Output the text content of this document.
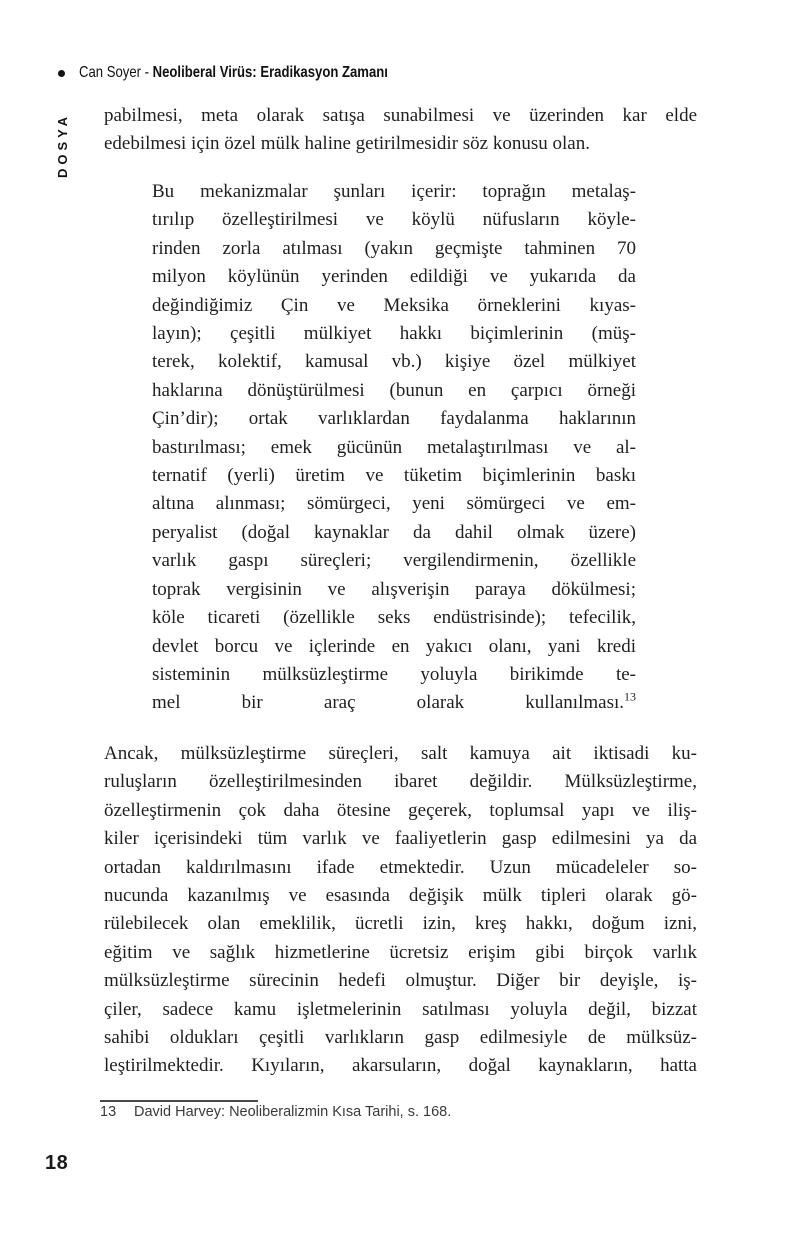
Can Soyer - Neoliberal Virüs: Eradikasyon Zamanı
DOSYA pabilmesi, meta olarak satışa sunabilmesi ve üzerinden kar elde
edebilmesi için özel mülk haline getirilmesidir söz konusu olan.
Bu mekanizmalar şunları içerir: toprağın metalaş-
tırılıp özelleştirilmesi ve köylü nüfusların köyle-
rinden zorla atılması (yakın geçmişte tahminen 70
milyon köylünün yerinden edildiği ve yukarıda da
değindiğimiz Çin ve Meksika örneklerini kıyas-
layın); çeşitli mülkiyet hakkı biçimlerinin (müş-
terek, kolektif, kamusal vb.) kişiye özel mülkiyet
haklarına dönüştürülmesi (bunun en çarpıcı örneği
Çin’dir); ortak varlıklardan faydalanma haklarının
bastırılması; emek gücünün metalaştırılması ve al-
ternatif (yerli) üretim ve tüketim biçimlerinin baskı
altına alınması; sömürgeci, yeni sömürgeci ve em-
peryalist (doğal kaynaklar da dahil olmak üzere)
varlık gaspı süreçleri; vergilendirmenin, özellikle
toprak vergisinin ve alışverişin paraya dökülmesi;
köle ticareti (özellikle seks endüstrisinde); tefecilik,
devlet borcu ve içlerinde en yakıcı olanı, yani kredi
sisteminin mülksüzleştirme yoluyla birikimde te-
mel bir araç olarak kullanılması.$^{13}$
Ancak, mülksüzleştirme süreçleri, salt kamuya ait iktisadi ku-
ruluşların özelleştirilmesinden ibaret değildir. Mülksüzleştirme,
özelleştirmenin çok daha ötesine geçerek, toplumsal yapı ve iliş-
kiler içerisindeki tüm varlık ve faaliyetlerin gasp edilmesini ya da
ortadan kaldırılmasını ifade etmektedir. Uzun mücadeleler so-
nucunda kazanılmış ve esasında değişik mülk tipleri olarak gö-
rülebilecek olan emeklilik, ücretli izin, kreş hakkı, doğum izni,
eğitim ve sağlık hizmetlerine ücretsiz erişim gibi birçok varlık
mülksüzleştirme sürecinin hedefi olmuştur. Diğer bir deyişle, iş-
çiler, sadece kamu işletmelerinin satılması yoluyla değil, bizzat
sahibi oldukları çeşitli varlıkların gasp edilmesiyle de mülksüz-
leştirilmektedir. Kıyıların, akarsuların, doğal kaynakların, hatta
13	David Harvey: Neoliberalizmin Kısa Tarihi, s. 168.
18
